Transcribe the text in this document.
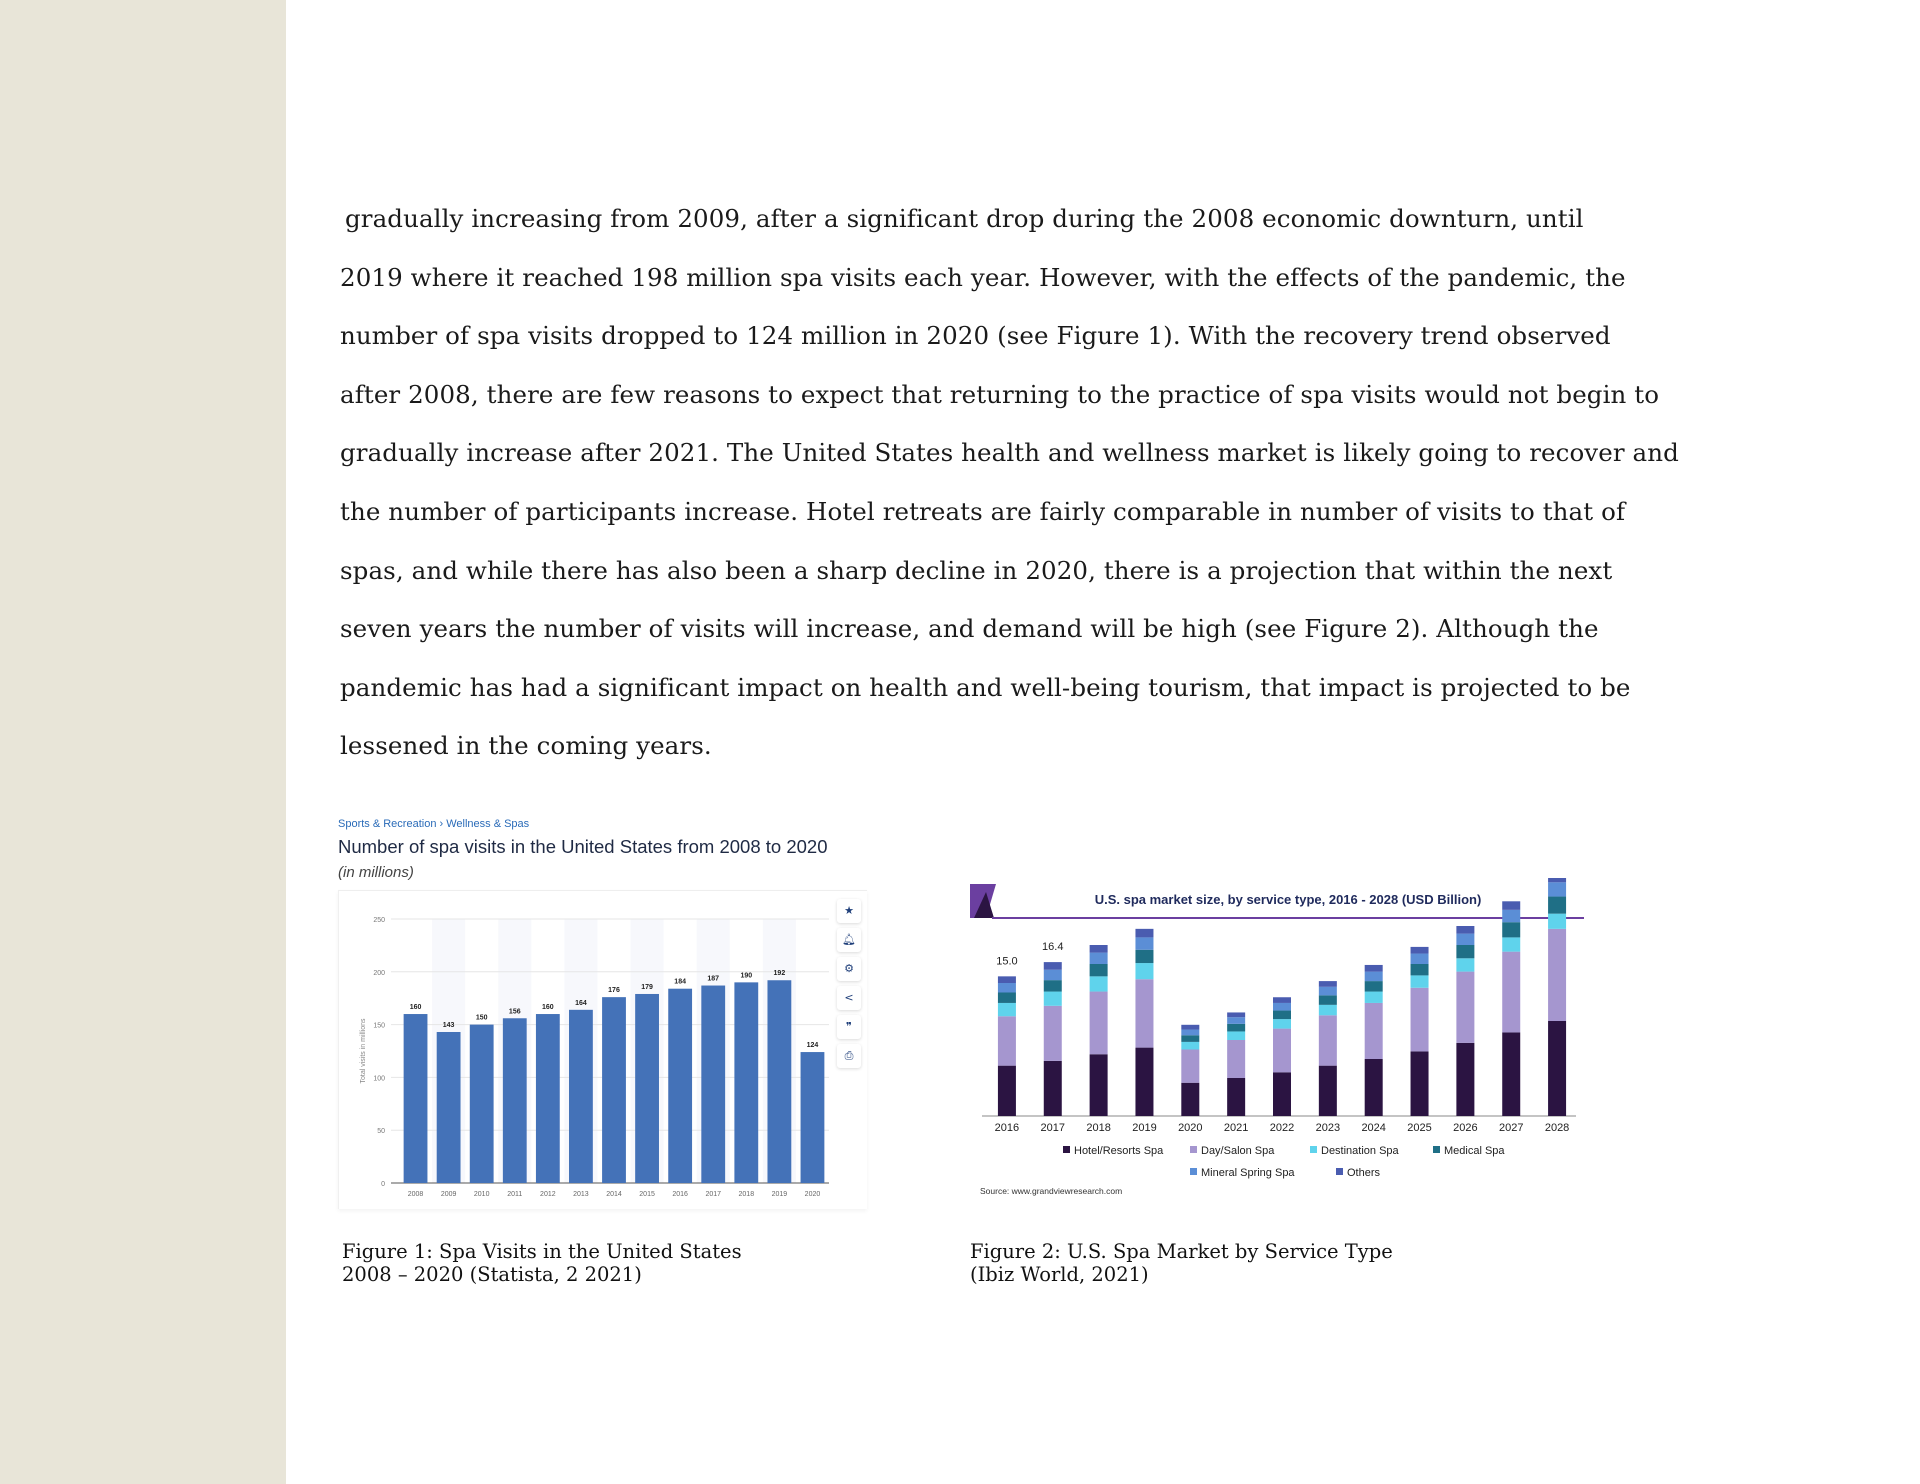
gradually increasing from 2009, after a significant drop during the 2008 economic downturn, until
2019 where it reached 198 million spa visits each year. However, with the effects of the pandemic, the
number of spa visits dropped to 124 million in 2020 (see Figure 1). With the recovery trend observed
after 2008, there are few reasons to expect that returning to the practice of spa visits would not begin to
gradually increase after 2021. The United States health and wellness market is likely going to recover and
the number of participants increase. Hotel retreats are fairly comparable in number of visits to that of
spas, and while there has also been a sharp decline in 2020, there is a projection that within the next
seven years the number of visits will increase, and demand will be high (see Figure 2). Although the
pandemic has had a significant impact on health and well-being tourism, that impact is projected to be
lessened in the coming years.
Sports & Recreation › Wellness & Spas
Number of spa visits in the United States from 2008 to 2020
(in millions)
0
50
100
150
200
250
Total visits in millions
160
2008
143
2009
150
2010
156
2011
160
2012
164
2013
176
2014
179
2015
184
2016
187
2017
190
2018
192
2019
124
2020
★
🔔︎
⚙
<
❞
⎙
Figure 1: Spa Visits in the United States
2008 – 2020 (Statista, 2 2021)
U.S. spa market size, by service type, 2016 - 2028 (USD Billion)
2016
15.0
2017
16.4
2018 2019 2020 2021 2022 2023 2024 2025 2026 2027 2028
Hotel/Resorts Spa	Day/Salon Spa	Destination Spa	Medical Spa
Mineral Spring Spa	Others
Source: www.grandviewresearch.com
Figure 2: U.S. Spa Market by Service Type
(Ibiz World, 2021)
